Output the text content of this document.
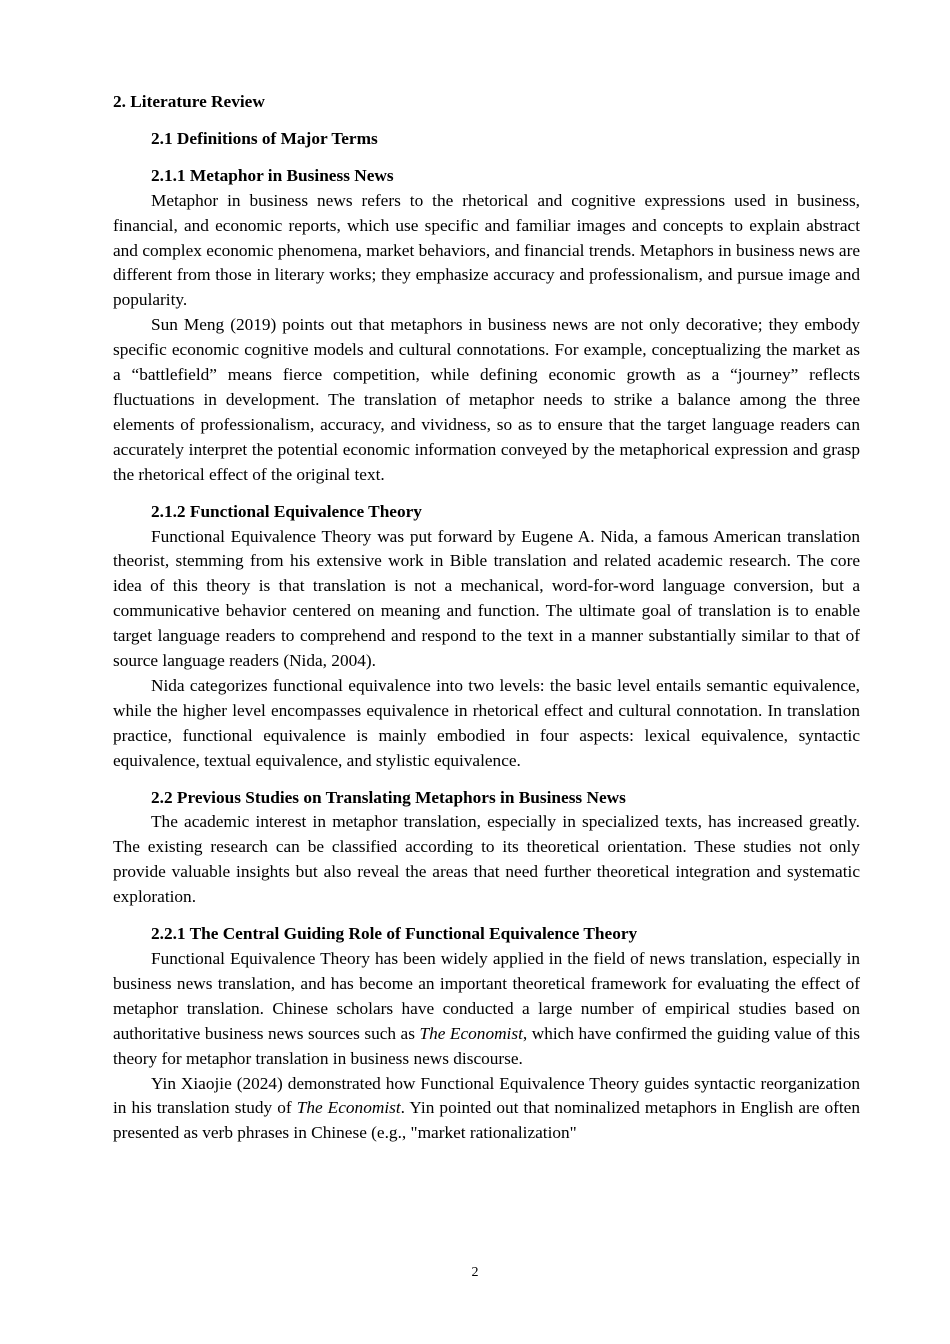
2. Literature Review
2.1 Definitions of Major Terms
2.1.1 Metaphor in Business News

Metaphor in business news refers to the rhetorical and cognitive expressions used in business, financial, and economic reports, which use specific and familiar images and concepts to explain abstract and complex economic phenomena, market behaviors, and financial trends. Metaphors in business news are different from those in literary works; they emphasize accuracy and professionalism, and pursue image and popularity.

Sun Meng (2019) points out that metaphors in business news are not only decorative; they embody specific economic cognitive models and cultural connotations. For example, conceptualizing the market as a “battlefield” means fierce competition, while defining economic growth as a “journey” reflects fluctuations in development. The translation of metaphor needs to strike a balance among the three elements of professionalism, accuracy, and vividness, so as to ensure that the target language readers can accurately interpret the potential economic information conveyed by the metaphorical expression and grasp the rhetorical effect of the original text.

2.1.2 Functional Equivalence Theory

Functional Equivalence Theory was put forward by Eugene A. Nida, a famous American translation theorist, stemming from his extensive work in Bible translation and related academic research. The core idea of this theory is that translation is not a mechanical, word-for-word language conversion, but a communicative behavior centered on meaning and function. The ultimate goal of translation is to enable target language readers to comprehend and respond to the text in a manner substantially similar to that of source language readers (Nida, 2004).

Nida categorizes functional equivalence into two levels: the basic level entails semantic equivalence, while the higher level encompasses equivalence in rhetorical effect and cultural connotation. In translation practice, functional equivalence is mainly embodied in four aspects: lexical equivalence, syntactic equivalence, textual equivalence, and stylistic equivalence.

2.2 Previous Studies on Translating Metaphors in Business News

The academic interest in metaphor translation, especially in specialized texts, has increased greatly. The existing research can be classified according to its theoretical orientation. These studies not only provide valuable insights but also reveal the areas that need further theoretical integration and systematic exploration.

2.2.1 The Central Guiding Role of Functional Equivalence Theory

Functional Equivalence Theory has been widely applied in the field of news translation, especially in business news translation, and has become an important theoretical framework for evaluating the effect of metaphor translation. Chinese scholars have conducted a large number of empirical studies based on authoritative business news sources such as The Economist, which have confirmed the guiding value of this theory for metaphor translation in business news discourse.

Yin Xiaojie (2024) demonstrated how Functional Equivalence Theory guides syntactic reorganization in his translation study of The Economist. Yin pointed out that nominalized metaphors in English are often presented as verb phrases in Chinese (e.g., "market rationalization"

2
